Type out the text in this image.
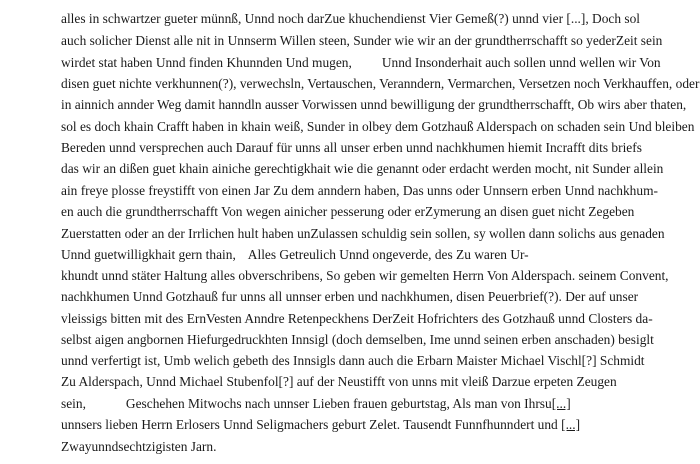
alles in schwartzer gueter münnß, Unnd noch darZue khuchendienst Vier Gemeß(?) unnd vier [...], Doch sol

auch solicher Dienst alle nit in Unnserm Willen steen, Sunder wie wir an der grundtherrschafft so yederZeit sein

wirdet stat haben Unnd finden Khunnden Und mugen, Unnd Insonderhait auch sollen unnd wellen wir Von

disen guet nichte verkhunnen(?), verwechsln, Vertauschen, Veranndern, Vermarchen, Versetzen noch Verkhauffen, oder

in ainnich annder Weg damit hanndln ausser Vorwissen unnd bewilligung der grundtherrschafft, Ob wirs aber thaten,

sol es doch khain Crafft haben in khain weiß, Sunder in olbey dem Gotzhauß Alderspach on schaden sein Und bleiben

Bereden unnd versprechen auch Darauf für unns all unser erben unnd nachkhumen hiemit Incrafft dits briefs

das wir an dißen guet khain ainiche gerechtigkhait wie die genannt oder erdacht werden mocht, nit Sunder allein

ain freye plosse freystifft von einen Jar Zu dem anndern haben, Das unns oder Unnsern erben Unnd nachkhum-

en auch die grundtherrschafft Von wegen ainicher pesserung oder erZymerung an disen guet nicht Zegeben

Zuerstatten oder an der Irrlichen hult haben unZulassen schuldig sein sollen, sy wollen dann solichs aus genaden

Unnd guetwilligkhait gern thain, Alles Getreulich Unnd ongeverde, des Zu waren Ur-

khundt unnd stäter Haltung alles obverschribens, So geben wir gemelten Herrn Von Alderspach. seinem Convent,

nachkhumen Unnd Gotzhauß fur unns all unnser erben und nachkhumen, disen Peuerbrief(?). Der auf unser

vleissigs bitten mit des ErnVesten Anndre Retenpeckhens DerZeit Hofrichters des Gotzhauß unnd Closters da-

selbst aigen angbornen Hiefurgedruckhten Innsigl (doch demselben, Ime unnd seinen erben anschaden) besiglt

unnd verfertigt ist, Umb welich gebeth des Innsigls dann auch die Erbarn Maister Michael Vischl[?] Schmidt

Zu Alderspach, Unnd Michael Stubenfol[?] auf der Neustifft von unns mit vleiß Darzue erpeten Zeugen

sein,	Geschehen Mitwochs nach unnser Lieben frauen geburtstag, Als man von Ihrsu[...]

unnsers lieben Herrn Erlosers Unnd Seligmachers geburt Zelet. Tausendt Funnfhunndert und [...]

Zwayunndsechtzigisten Jarn.
